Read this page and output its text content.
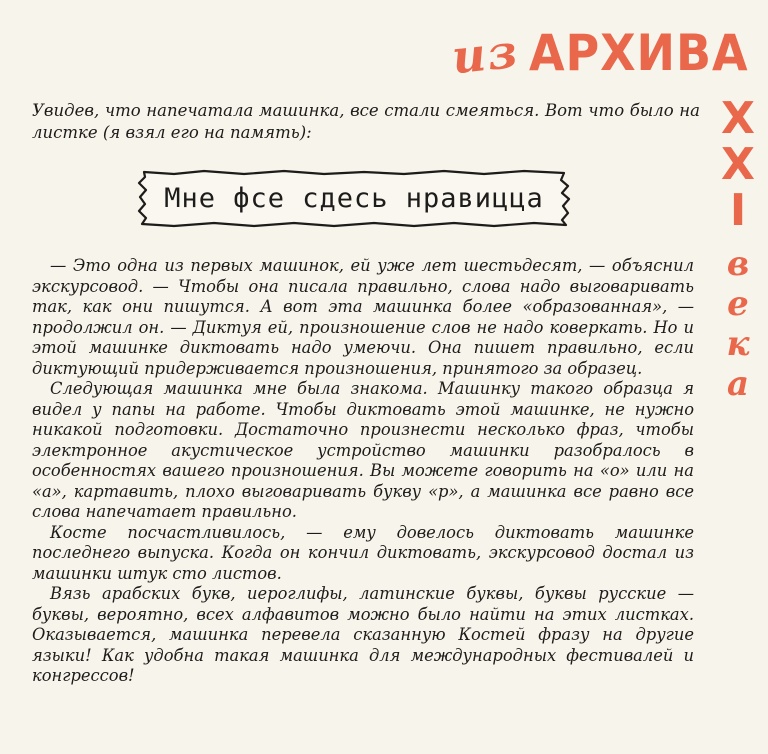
из АРХИВА
X
X
I
в
е
к
а

Увидев, что напечатала машинка, все стали смеяться. Вот что было на листке (я взял его на память):

Мне фсе сдесь нравицца

— Это одна из первых машинок, ей уже лет шестьдесят, — объяснил экскурсовод. — Чтобы она писала правильно, слова надо выговаривать так, как они пишутся. А вот эта машинка более «образованная», — продолжил он. — Диктуя ей, произношение слов не надо коверкать. Но и этой машинке диктовать надо умеючи. Она пишет правильно, если диктующий придерживается произношения, принятого за образец.

Следующая машинка мне была знакома. Машинку такого образца я видел у папы на работе. Чтобы диктовать этой машинке, не нужно никакой подготовки. Достаточно произнести несколько фраз, чтобы электронное акустическое устройство машинки разобралось в особенностях вашего произношения. Вы можете говорить на «о» или на «а», картавить, плохо выговаривать букву «р», а машинка все равно все слова напечатает правильно.

Косте посчастливилось, — ему довелось диктовать машинке последнего выпуска. Когда он кончил диктовать, экскурсовод достал из машинки штук сто листов.

Вязь арабских букв, иероглифы, латинские буквы, буквы русские — буквы, вероятно, всех алфавитов можно было найти на этих листках. Оказывается, машинка перевела сказанную Костей фразу на другие языки! Как удобна такая машинка для международных фестивалей и конгрессов!
